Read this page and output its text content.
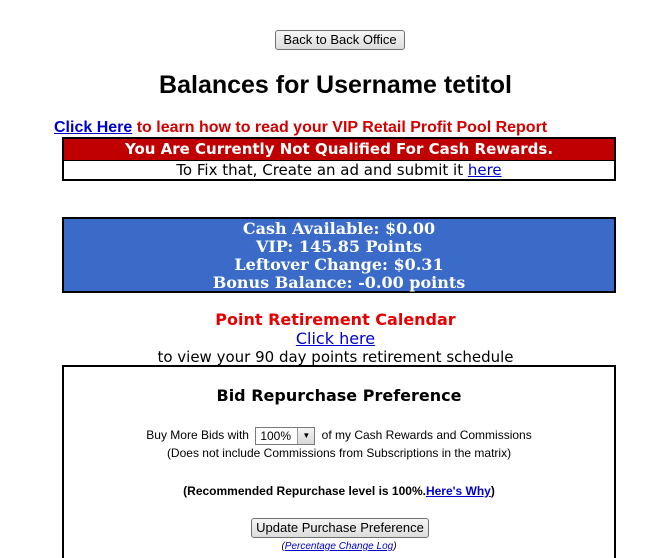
Back to Back Office
Balances for Username tetitol
Click Here to learn how to read your VIP Retail Profit Pool Report
You Are Currently Not Qualified For Cash Rewards.
To Fix that, Create an ad and submit it here
Cash Available: $0.00
VIP: 145.85 Points
Leftover Change: $0.31
Bonus Balance: -0.00 points
Point Retirement Calendar
Click here
to view your 90 day points retirement schedule
Bid Repurchase Preference
Buy More Bids with 100%	▼ of my Cash Rewards and Commissions
(Does not include Commissions from Subscriptions in the matrix)
(Recommended Repurchase level is 100%.Here's Why)
Update Purchase Preference
(Percentage Change Log)
